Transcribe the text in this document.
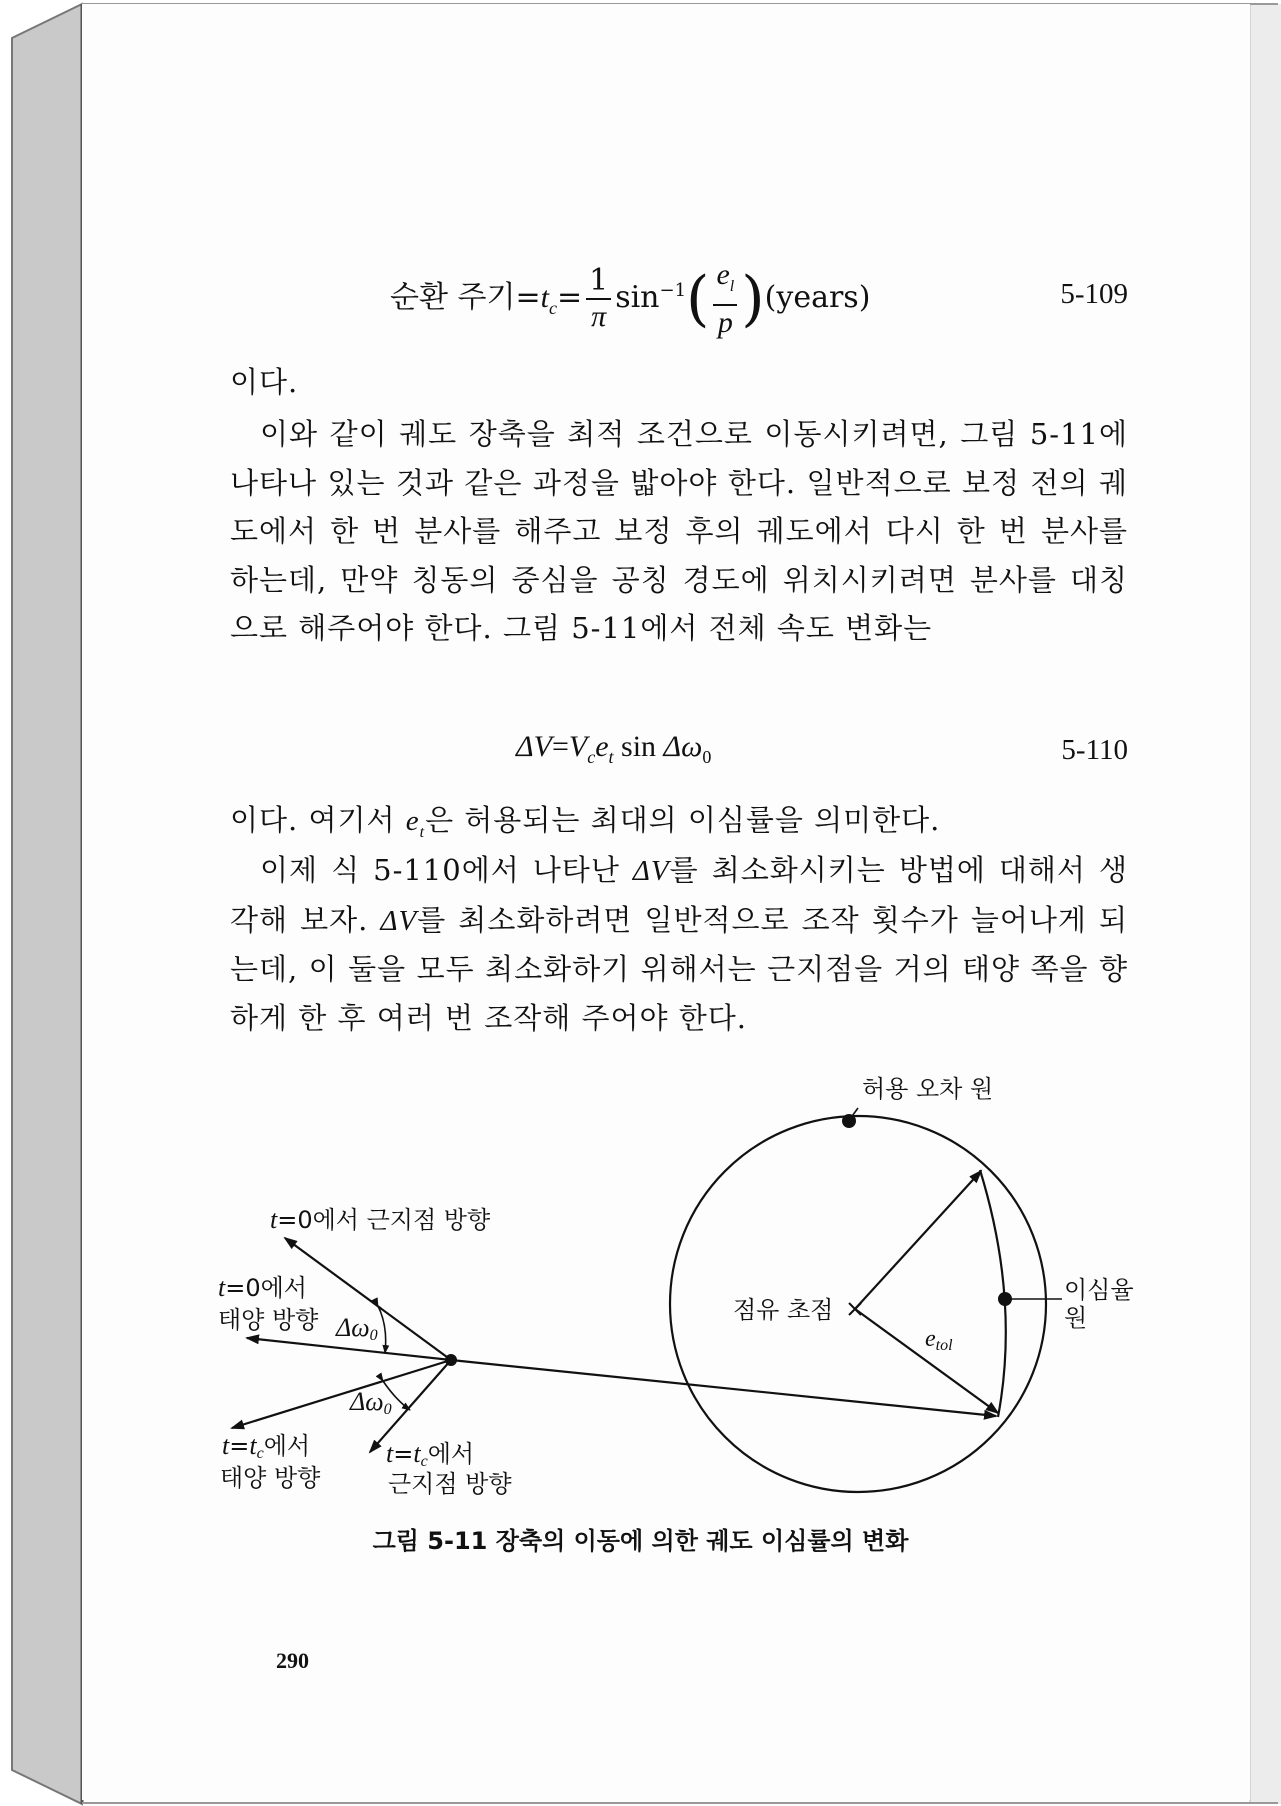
순환 주기$=t_c= \frac{1}{\pi} \sin^{-1}( \frac{e_l}{p}$ )(years)	5-109
이다.
이와 같이 궤도 장축을 최적 조건으로 이동시키려면, 그림 5-11에 나타나 있는 것과 같은 과정을 밟아야 한다. 일반적으로 보정 전의 궤도에서 한 번 분사를 해주고 보정 후의 궤도에서 다시 한 번 분사를 하는데, 만약 칭동의 중심을 공칭 경도에 위치시키려면 분사를 대칭으로 해주어야 한다. 그림 5-11에서 전체 속도 변화는
$\Delta V=V_ce_t$ $\sin \Delta\omega_0$	5-110
이다. 여기서 $e_t$은 허용되는 최대의 이심률을 의미한다.
이제 식 5-110에서 나타난 ΔV를 최소화시키는 방법에 대해서 생각해 보자. ΔV를 최소화하려면 일반적으로 조작 횟수가 늘어나게 되는데, 이 둘을 모두 최소화하기 위해서는 근지점을 거의 태양 쪽을 향하게 한 후 여러 번 조작해 주어야 한다.
허용 오차 원
t=0에서 근지점 방향
t=0에서
태양 방향 Δω0
Δω0
t=tc에서
태양 방향
t=tc에서
근지점 방향
점유 초점
etol
이심율
원
그림 5-11 장축의 이동에 의한 궤도 이심률의 변화
290
